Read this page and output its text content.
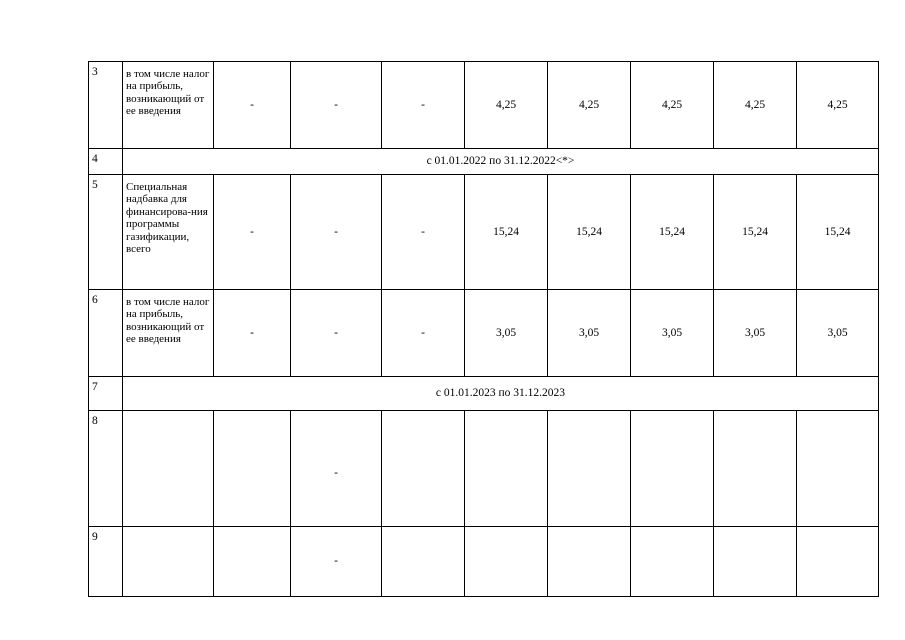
3	в том числе налог на прибыль, возникающий от ее введения	-	-	-	4,25	4,25	4,25	4,25	4,25
4	с 01.01.2022 по 31.12.2022<*>								
5	Специальная надбавка для финансирова-ния программы газификации, всего	-	-	-	15,24	15,24	15,24	15,24	15,24
6	в том числе налог на прибыль, возникающий от ее введения	-	-	-	3,05	3,05	3,05	3,05	3,05
7	с 01.01.2023 по 31.12.2023								
8			-						
9			-						
